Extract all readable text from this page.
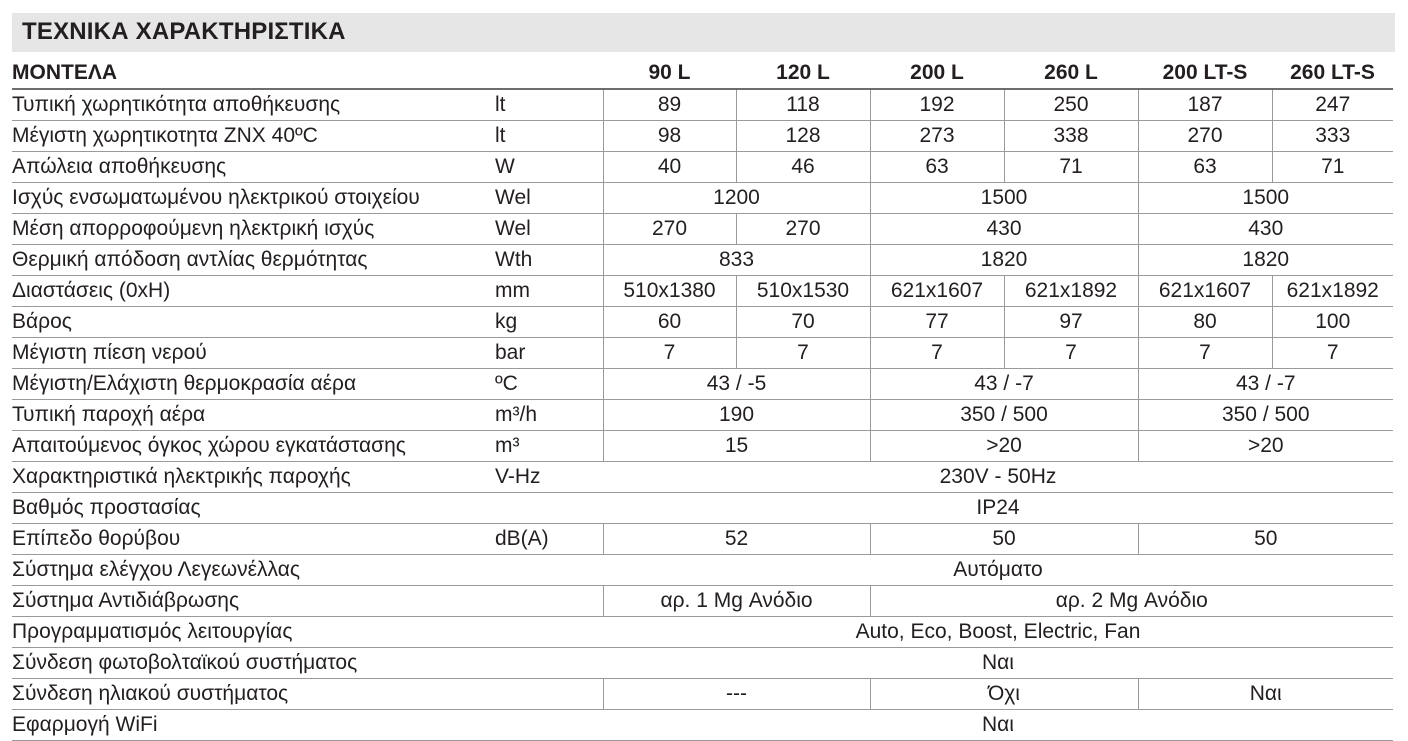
ΤΕΧΝΙΚΑ ΧΑΡΑΚΤΗΡΙΣΤΙΚΑ
ΜΟΝΤΕΛΑ		90 L	120 L	200 L	260 L	200 LT-S	260 LT-S
Τυπική χωρητικότητα αποθήκευσης	lt	89	118	192	250	187	247
Μέγιστη χωρητικοτητα ZNX 40ºC	lt	98	128	273	338	270	333
Απώλεια αποθήκευσης	W	40	46	63	71	63	71
Ισχύς ενσωματωμένου ηλεκτρικού στοιχείου	Wel	1200		1500		1500	
Μέση απορροφούμενη ηλεκτρική ισχύς	Wel	270	270	430		430	
Θερμική απόδοση αντλίας θερμότητας	Wth	833		1820		1820	
Διαστάσεις (0xH)	mm	510x1380	510x1530	621x1607	621x1892	621x1607	621x1892
Βάρος	kg	60	70	77	97	80	100
Μέγιστη πίεση νερού	bar	7	7	7	7	7	7
Μέγιστη/Ελάχιστη θερμοκρασία αέρα	ºC	43 / -5		43 / -7		43 / -7	
Τυπική παροχή αέρα	m³/h	190		350 / 500		350 / 500	
Απαιτούμενος όγκος χώρου εγκατάστασης	m³	15		>20		>20	
Χαρακτηριστικά ηλεκτρικής παροχής	V-Hz	230V - 50Hz					
Βαθμός προστασίας		IP24					
Επίπεδο θορύβου	dB(A)	52		50		50	
Σύστημα ελέγχου Λεγεωνέλλας		Αυτόματο					
Σύστημα Αντιδιάβρωσης		αρ. 1 Mg Ανόδιο		αρ. 2 Mg Ανόδιο			
Προγραμματισμός λειτουργίας		Auto, Eco, Boost, Electric, Fan					
Σύνδεση φωτοβολταϊκού συστήματος		Ναι					
Σύνδεση ηλιακού συστήματος		---		Όχι		Ναι	
Εφαρμογή WiFi		Ναι					
